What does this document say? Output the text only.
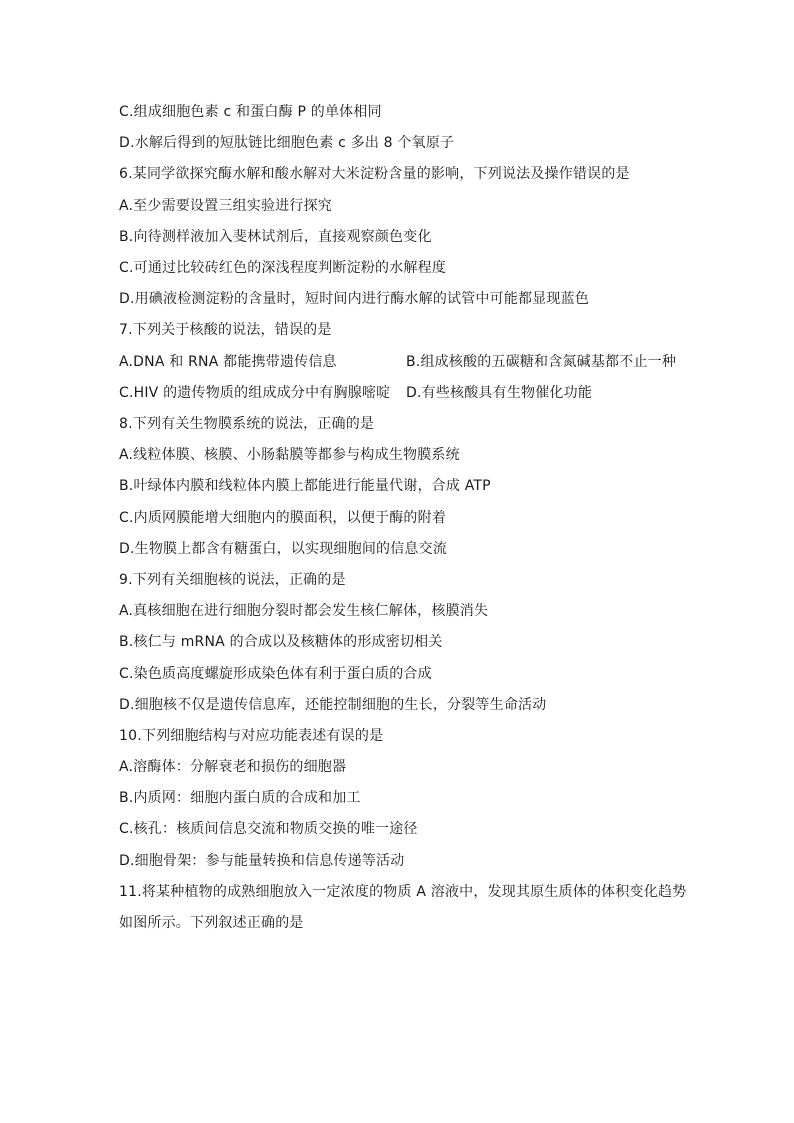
C.组成细胞色素 c 和蛋白酶 P 的单体相同
D.水解后得到的短肽链比细胞色素 c 多出 8 个氧原子
6.某同学欲探究酶水解和酸水解对大米淀粉含量的影响，下列说法及操作错误的是
A.至少需要设置三组实验进行探究
B.向待测样液加入斐林试剂后，直接观察颜色变化
C.可通过比较砖红色的深浅程度判断淀粉的水解程度
D.用碘液检测淀粉的含量时，短时间内进行酶水解的试管中可能都显现蓝色
7.下列关于核酸的说法，错误的是
A.DNA 和 RNA 都能携带遗传信息	B.组成核酸的五碳糖和含氮碱基都不止一种
C.HIV 的遗传物质的组成成分中有胸腺嘧啶 D.有些核酸具有生物催化功能
8.下列有关生物膜系统的说法，正确的是
A.线粒体膜、核膜、小肠黏膜等都参与构成生物膜系统
B.叶绿体内膜和线粒体内膜上都能进行能量代谢，合成 ATP
C.内质网膜能增大细胞内的膜面积，以便于酶的附着
D.生物膜上都含有糖蛋白，以实现细胞间的信息交流
9.下列有关细胞核的说法，正确的是
A.真核细胞在进行细胞分裂时都会发生核仁解体，核膜消失
B.核仁与 mRNA 的合成以及核糖体的形成密切相关
C.染色质高度螺旋形成染色体有利于蛋白质的合成
D.细胞核不仅是遗传信息库，还能控制细胞的生长，分裂等生命活动
10.下列细胞结构与对应功能表述有误的是
A.溶酶体：分解衰老和损伤的细胞器
B.内质网：细胞内蛋白质的合成和加工
C.核孔：核质间信息交流和物质交换的唯一途径
D.细胞骨架：参与能量转换和信息传递等活动
11.将某种植物的成熟细胞放入一定浓度的物质 A 溶液中，发现其原生质体的体积变化趋势
如图所示。下列叙述正确的是
